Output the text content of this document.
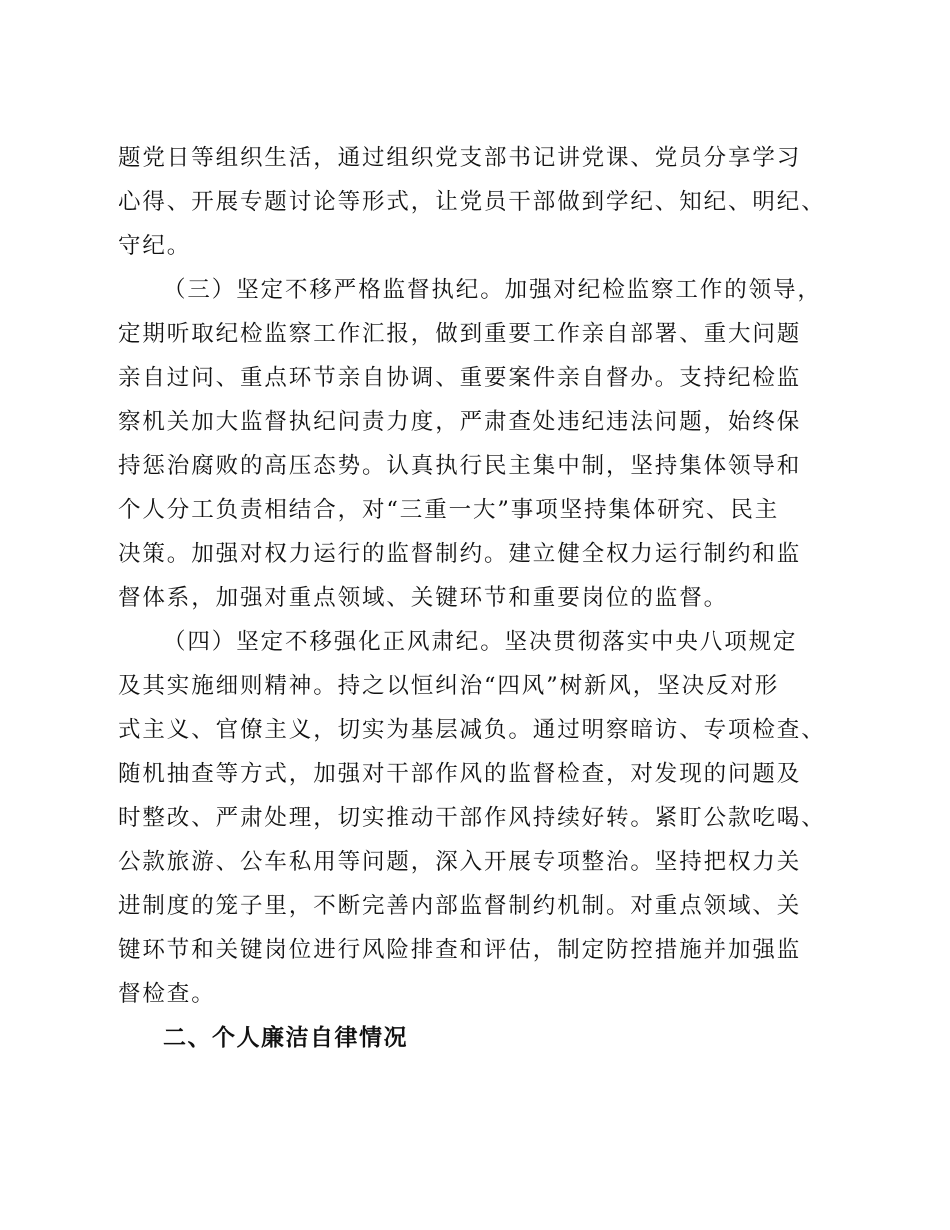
题党日等组织生活，通过组织党支部书记讲党课、党员分享学习
心得、开展专题讨论等形式，让党员干部做到学纪、知纪、明纪、
守纪。
（三）坚定不移严格监督执纪。加强对纪检监察工作的领导，
定期听取纪检监察工作汇报，做到重要工作亲自部署、重大问题
亲自过问、重点环节亲自协调、重要案件亲自督办。支持纪检监
察机关加大监督执纪问责力度，严肃查处违纪违法问题，始终保
持惩治腐败的高压态势。认真执行民主集中制，坚持集体领导和
个人分工负责相结合，对“三重一大”事项坚持集体研究、民主
决策。加强对权力运行的监督制约。建立健全权力运行制约和监
督体系，加强对重点领域、关键环节和重要岗位的监督。
（四）坚定不移强化正风肃纪。坚决贯彻落实中央八项规定
及其实施细则精神。持之以恒纠治“四风”树新风，坚决反对形
式主义、官僚主义，切实为基层减负。通过明察暗访、专项检查、
随机抽查等方式，加强对干部作风的监督检查，对发现的问题及
时整改、严肃处理，切实推动干部作风持续好转。紧盯公款吃喝、
公款旅游、公车私用等问题，深入开展专项整治。坚持把权力关
进制度的笼子里，不断完善内部监督制约机制。对重点领域、关
键环节和关键岗位进行风险排查和评估，制定防控措施并加强监
督检查。
二、个人廉洁自律情况
